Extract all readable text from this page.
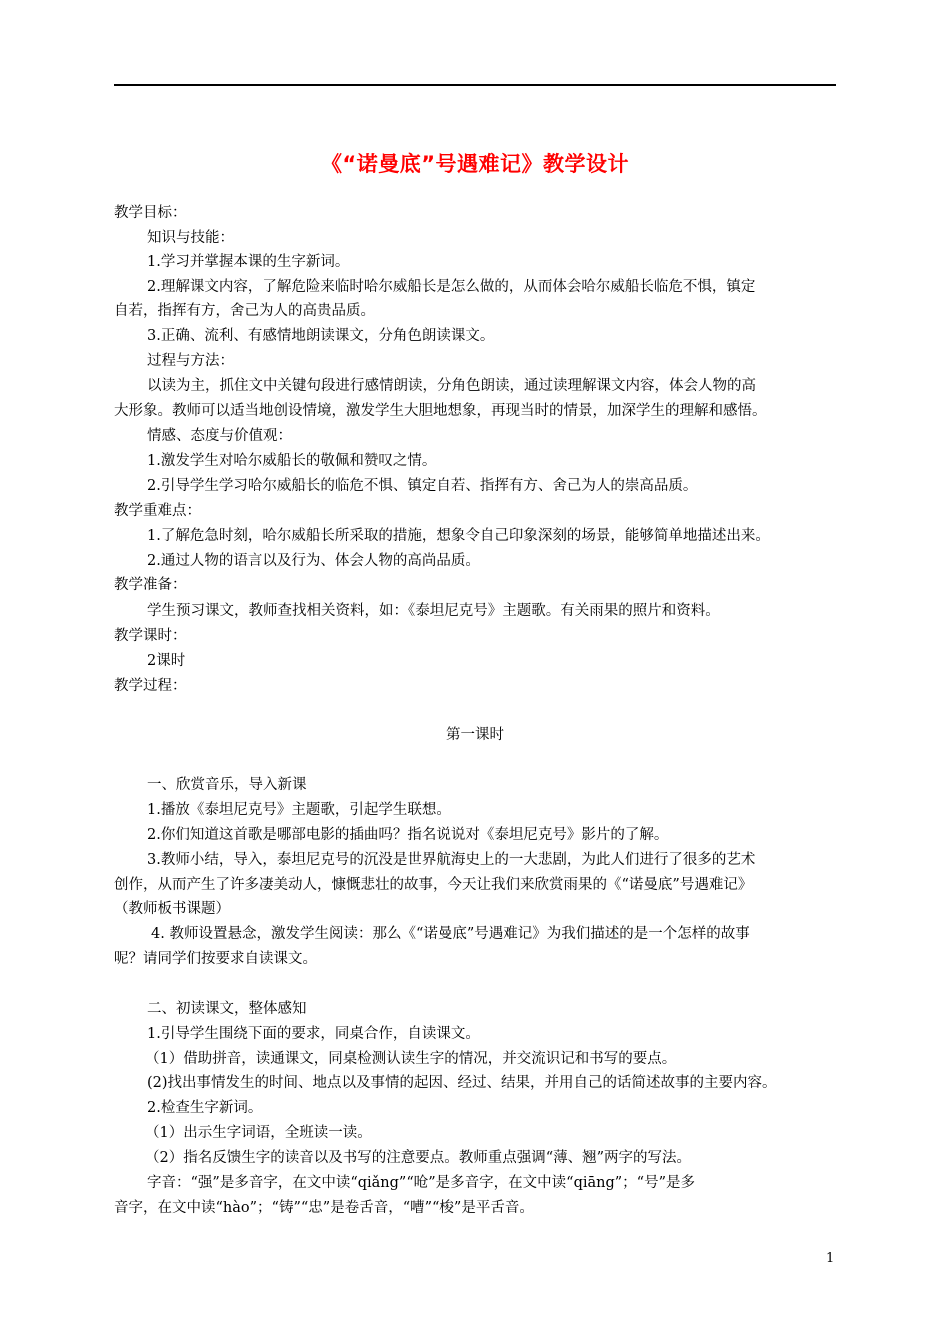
《“诺曼底”号遇难记》教学设计
教学目标：
知识与技能：
1.学习并掌握本课的生字新词。
2.理解课文内容，了解危险来临时哈尔威船长是怎么做的，从而体会哈尔威船长临危不惧，镇定
自若，指挥有方，舍己为人的高贵品质。
3.正确、流利、有感情地朗读课文，分角色朗读课文。
过程与方法：
以读为主，抓住文中关键句段进行感情朗读，分角色朗读，通过读理解课文内容，体会人物的高
大形象。教师可以适当地创设情境，激发学生大胆地想象，再现当时的情景，加深学生的理解和感悟。
情感、态度与价值观：
1.激发学生对哈尔威船长的敬佩和赞叹之情。
2.引导学生学习哈尔威船长的临危不惧、镇定自若、指挥有方、舍己为人的崇高品质。
教学重难点：
1.了解危急时刻，哈尔威船长所采取的措施，想象令自己印象深刻的场景，能够简单地描述出来。
2.通过人物的语言以及行为、体会人物的高尚品质。
教学准备：
学生预习课文，教师查找相关资料，如：《泰坦尼克号》主题歌。有关雨果的照片和资料。
教学课时：
2课时
教学过程：
第一课时
一、欣赏音乐，导入新课
1.播放《泰坦尼克号》主题歌，引起学生联想。
2.你们知道这首歌是哪部电影的插曲吗？指名说说对《泰坦尼克号》影片的了解。
3.教师小结，导入，泰坦尼克号的沉没是世界航海史上的一大悲剧，为此人们进行了很多的艺术
创作，从而产生了许多凄美动人，慷慨悲壮的故事，今天让我们来欣赏雨果的《“诺曼底”号遇难记》
（教师板书课题）
4. 教师设置悬念，激发学生阅读：那么《“诺曼底”号遇难记》为我们描述的是一个怎样的故事
呢？请同学们按要求自读课文。
二、初读课文，整体感知
1.引导学生围绕下面的要求，同桌合作，自读课文。
（1）借助拼音，读通课文，同桌检测认读生字的情况，并交流识记和书写的要点。
(2)找出事情发生的时间、地点以及事情的起因、经过、结果，并用自己的话简述故事的主要内容。
2.检查生字新词。
（1）出示生字词语，全班读一读。
（2）指名反馈生字的读音以及书写的注意要点。教师重点强调“薄、翘”两字的写法。
字音：“强”是多音字，在文中读“qiǎng”“呛”是多音字，在文中读“qiāng”；“号”是多
音字，在文中读“hào”；“铸”“忠”是卷舌音，“嘈”“梭”是平舌音。
1
